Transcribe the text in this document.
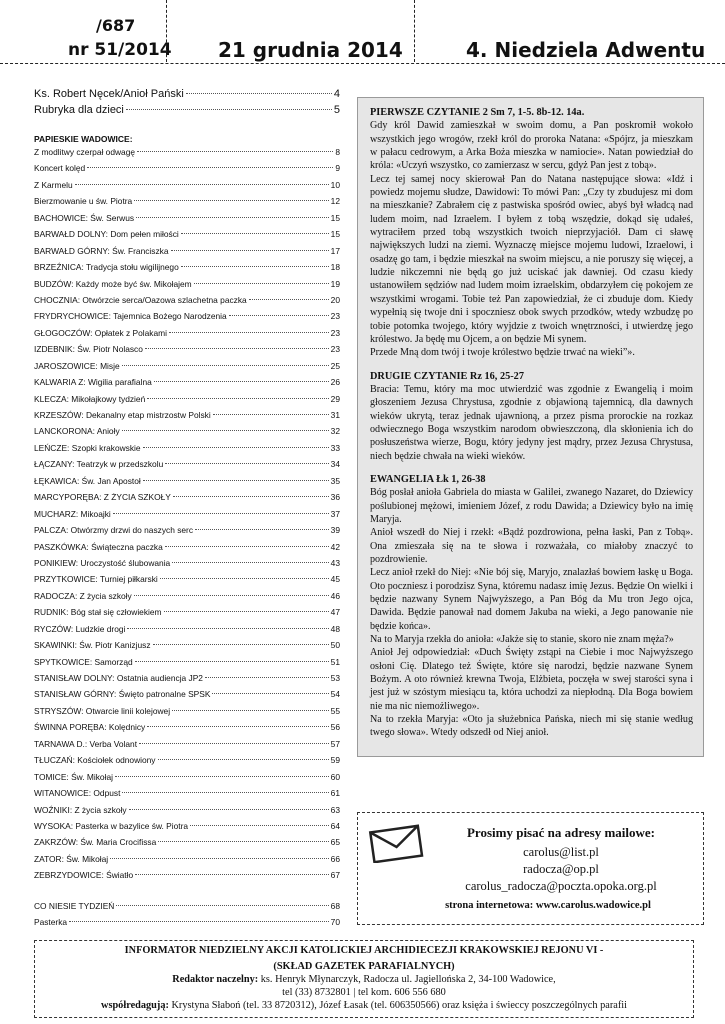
/687
nr 51/2014 21 grudnia 2014	4. Niedziela Adwentu
Ks. Robert Nęcek/Anioł Pański	4
Rubryka dla dzieci	5
PAPIESKIE WADOWICE:
Z modlitwy czerpał odwagę	8
Koncert kolęd	9
Z Karmelu	10
Bierzmowanie u św. Piotra	12
BACHOWICE: Św. Serwus	15
BARWAŁD DOLNY: Dom pełen miłości	15
BARWAŁD GÓRNY: Św. Franciszka	17
BRZEŹNICA: Tradycja stołu wigilijnego	18
BUDZÓW: Każdy może być św. Mikołajem	19
CHOCZNIA: Otwórzcie serca/Oazowa szlachetna paczka	20
FRYDRYCHOWICE: Tajemnica Bożego Narodzenia	23
GŁOGOCZÓW: Opłatek z Polakami	23
IZDEBNIK: Św. Piotr Nolasco	23
JAROSZOWICE: Misje	25
KALWARIA Z: Wigilia parafialna	26
KLECZA: Mikołajkowy tydzień	29
KRZESZÓW: Dekanalny etap mistrzostw Polski	31
LANCKORONA: Anioły	32
LEŃCZE: Szopki krakowskie	33
ŁĄCZANY: Teatrzyk w przedszkolu	34
ŁĘKAWICA: Św. Jan Apostoł	35
MARCYPORĘBA: Z ŻYCIA SZKOŁY	36
MUCHARZ: Mikoajki	37
PALCZA: Otwórzmy drzwi do naszych serc	39
PASZKÓWKA: Świąteczna paczka	42
PONIKIEW: Uroczystość ślubowania	43
PRZYTKOWICE: Turniej piłkarski	45
RADOCZA: Z życia szkoły	46
RUDNIK: Bóg stał się człowiekiem	47
RYCZÓW: Ludzkie drogi	48
SKAWINKI: Św. Piotr Kanizjusz	50
SPYTKOWICE: Samorząd	51
STANISŁAW DOLNY: Ostatnia audiencja JP2	53
STANISŁAW GÓRNY: Święto patronalne SPSK	54
STRYSZÓW: Otwarcie linii kolejowej	55
ŚWINNA PORĘBA: Kolędnicy	56
TARNAWA D.: Verba Volant	57
TŁUCZAŃ: Kościołek odnowiony	59
TOMICE: Św. Mikołaj	60
WITANOWICE: Odpust	61
WOŹNIKI: Z życia szkoły	63
WYSOKA: Pasterka w bazylice św. Piotra	64
ZAKRZÓW: Św. Maria Crocifissa	65
ZATOR: Św. Mikołaj	66
ZEBRZYDOWICE: Światło	67
CO NIESIE TYDZIEŃ	68
Pasterka	70
PIERWSZE CZYTANIE 2 Sm 7, 1-5. 8b-12. 14a.
Gdy król Dawid zamieszkał w swoim domu, a Pan poskromił wokoło wszystkich jego wrogów, rzekł król do proroka Natana: «Spójrz, ja mieszkam w pałacu cedrowym, a Arka Boża mieszka w namiocie». Natan powiedział do króla: «Uczyń wszystko, co zamierzasz w sercu, gdyż Pan jest z tobą».
Lecz tej samej nocy skierował Pan do Natana następujące słowa: «Idź i powiedz mojemu słudze, Dawidowi: To mówi Pan: „Czy ty zbudujesz mi dom na mieszkanie? Zabrałem cię z pastwiska spośród owiec, abyś był władcą nad ludem moim, nad Izraelem. I byłem z tobą wszędzie, dokąd się udałeś, wytraciłem przed tobą wszystkich twoich nieprzyjaciół. Dam ci sławę największych ludzi na ziemi. Wyznaczę miejsce mojemu ludowi, Izraelowi, i osadzę go tam, i będzie mieszkał na swoim miejscu, a nie poruszy się więcej, a ludzie nikczemni nie będą go już uciskać jak dawniej. Od czasu kiedy ustanowiłem sędziów nad ludem moim izraelskim, obdarzyłem cię pokojem ze wszystkimi wrogami. Tobie też Pan zapowiedział, że ci zbuduje dom. Kiedy wypełnią się twoje dni i spoczniesz obok swych przodków, wtedy wzbudzę po tobie potomka twojego, który wyjdzie z twoich wnętrzności, i utwierdzę jego królestwo. Ja będę mu Ojcem, a on będzie Mi synem.
Przede Mną dom twój i twoje królestwo będzie trwać na wieki”».
DRUGIE CZYTANIE Rz 16, 25-27
Bracia: Temu, który ma moc utwierdzić was zgodnie z Ewangelią i moim głoszeniem Jezusa Chrystusa, zgodnie z objawioną tajemnicą, dla dawnych wieków ukrytą, teraz jednak ujawnioną, a przez pisma prorockie na rozkaz odwiecznego Boga wszystkim narodom obwieszczoną, dla skłonienia ich do posłuszeństwa wierze, Bogu, który jedyny jest mądry, przez Jezusa Chrystusa, niech będzie chwała na wieki wieków.
EWANGELIA Łk 1, 26-38
Bóg posłał anioła Gabriela do miasta w Galilei, zwanego Nazaret, do Dziewicy poślubionej mężowi, imieniem Józef, z rodu Dawida; a Dziewicy było na imię Maryja.
Anioł wszedł do Niej i rzekł: «Bądź pozdrowiona, pełna łaski, Pan z Tobą». Ona zmieszała się na te słowa i rozważała, co miałoby znaczyć to pozdrowienie.
Lecz anioł rzekł do Niej: «Nie bój się, Maryjo, znalazłaś bowiem łaskę u Boga. Oto poczniesz i porodzisz Syna, któremu nadasz imię Jezus. Będzie On wielki i będzie nazwany Synem Najwyższego, a Pan Bóg da Mu tron Jego ojca, Dawida. Będzie panował nad domem Jakuba na wieki, a Jego panowanie nie będzie końca».
Na to Maryja rzekła do anioła: «Jakże się to stanie, skoro nie znam męża?»
Anioł Jej odpowiedział: «Duch Święty zstąpi na Ciebie i moc Najwyższego osłoni Cię. Dlatego też Święte, które się narodzi, będzie nazwane Synem Bożym. A oto również krewna Twoja, Elżbieta, poczęła w swej starości syna i jest już w szóstym miesiącu ta, która uchodzi za niepłodną. Dla Boga bowiem nie ma nic niemożliwego».
Na to rzekła Maryja: «Oto ja służebnica Pańska, niech mi się stanie według twego słowa». Wtedy odszedł od Niej anioł.
Prosimy pisać na adresy mailowe:
carolus@list.pl
radocza@op.pl
carolus_radocza@poczta.opoka.org.pl
strona internetowa: www.carolus.wadowice.pl
INFORMATOR NIEDZIELNY AKCJI KATOLICKIEJ ARCHIDIECEZJI KRAKOWSKIEJ REJONU VI -
(SKŁAD GAZETEK PARAFIALNYCH)
Redaktor naczelny: ks. Henryk Młynarczyk, Radocza ul. Jagiellońska 2, 34-100 Wadowice,
tel (33) 8732801 | tel kom. 606 556 680
współredagują: Krystyna Słaboń (tel. 33 8720312), Józef Łasak (tel. 606350566) oraz księża i świeccy poszczególnych parafii
